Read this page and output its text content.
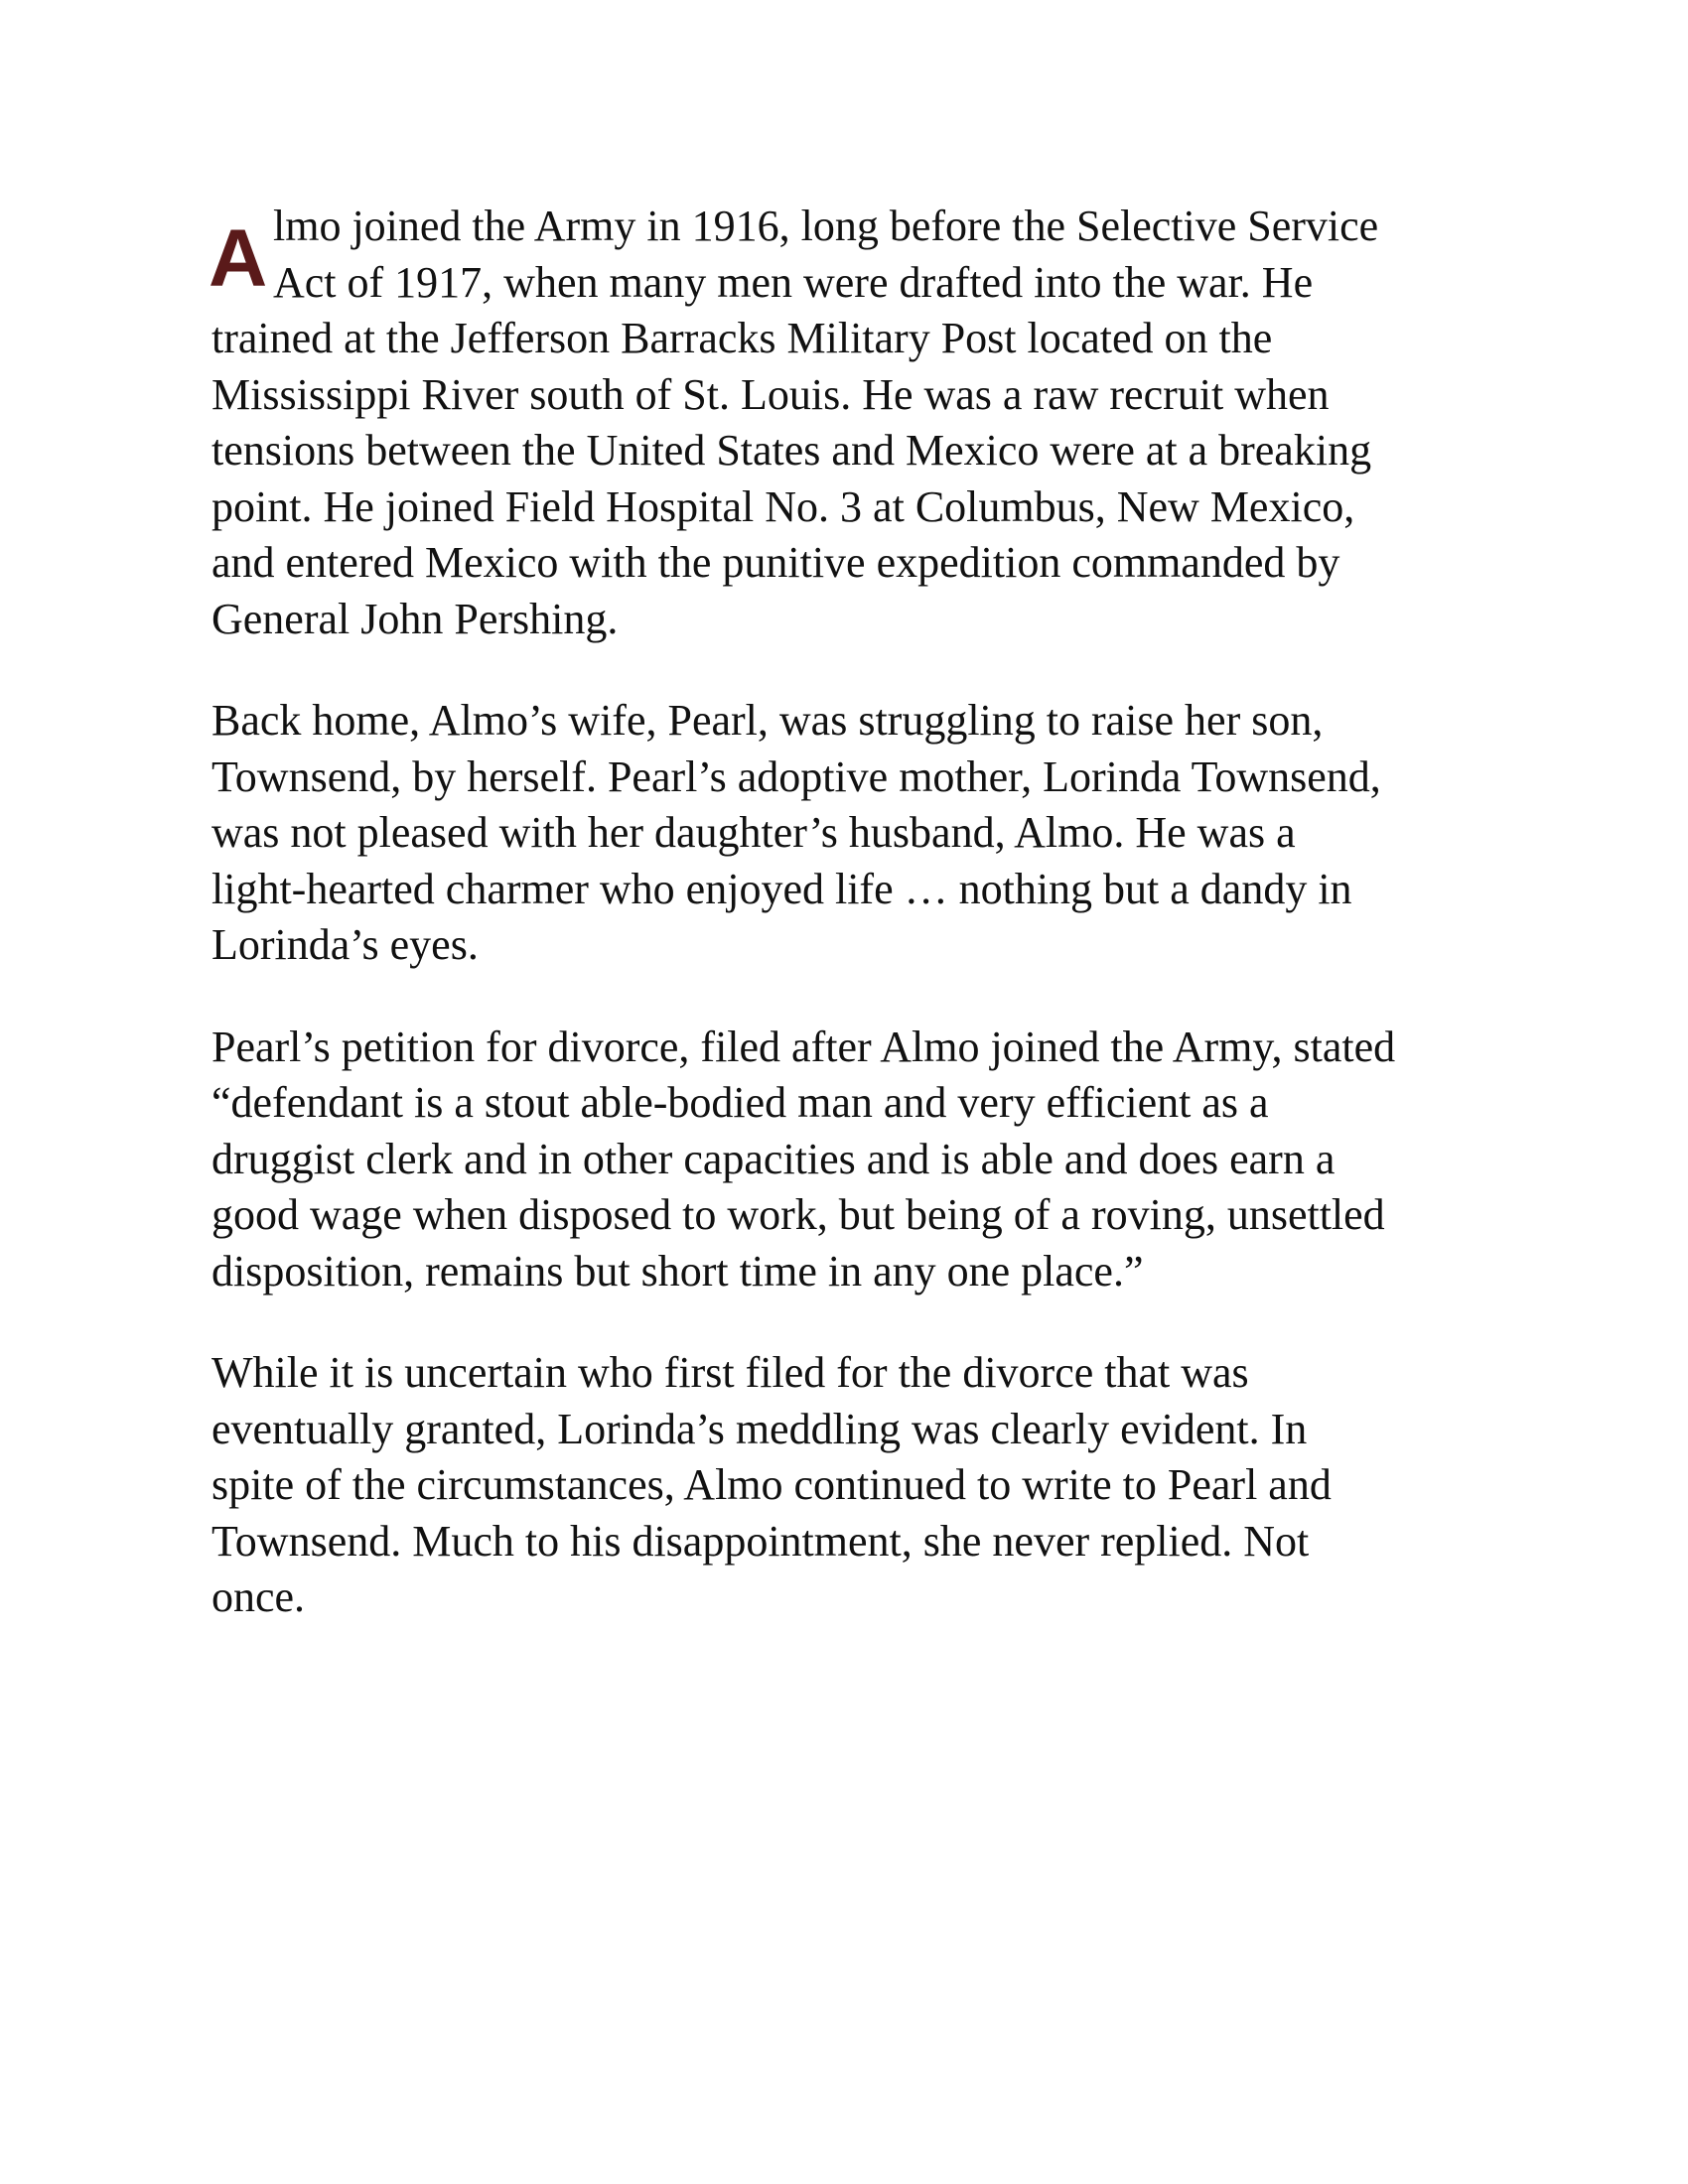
A lmo joined the Army in 1916, long before the Selective Service
Act of 1917, when many men were drafted into the war. He
trained at the Jefferson Barracks Military Post located on the
Mississippi River south of St. Louis. He was a raw recruit when
tensions between the United States and Mexico were at a breaking
point. He joined Field Hospital No. 3 at Columbus, New Mexico,
and entered Mexico with the punitive expedition commanded by
General John Pershing.
Back home, Almo’s wife, Pearl, was struggling to raise her son,
Townsend, by herself. Pearl’s adoptive mother, Lorinda Townsend,
was not pleased with her daughter’s husband, Almo. He was a
light-hearted charmer who enjoyed life … nothing but a dandy in
Lorinda’s eyes.
Pearl’s petition for divorce, filed after Almo joined the Army, stated
“defendant is a stout able-bodied man and very efficient as a
druggist clerk and in other capacities and is able and does earn a
good wage when disposed to work, but being of a roving, unsettled
disposition, remains but short time in any one place.”
While it is uncertain who first filed for the divorce that was
eventually granted, Lorinda’s meddling was clearly evident. In
spite of the circumstances, Almo continued to write to Pearl and
Townsend. Much to his disappointment, she never replied. Not
once.
